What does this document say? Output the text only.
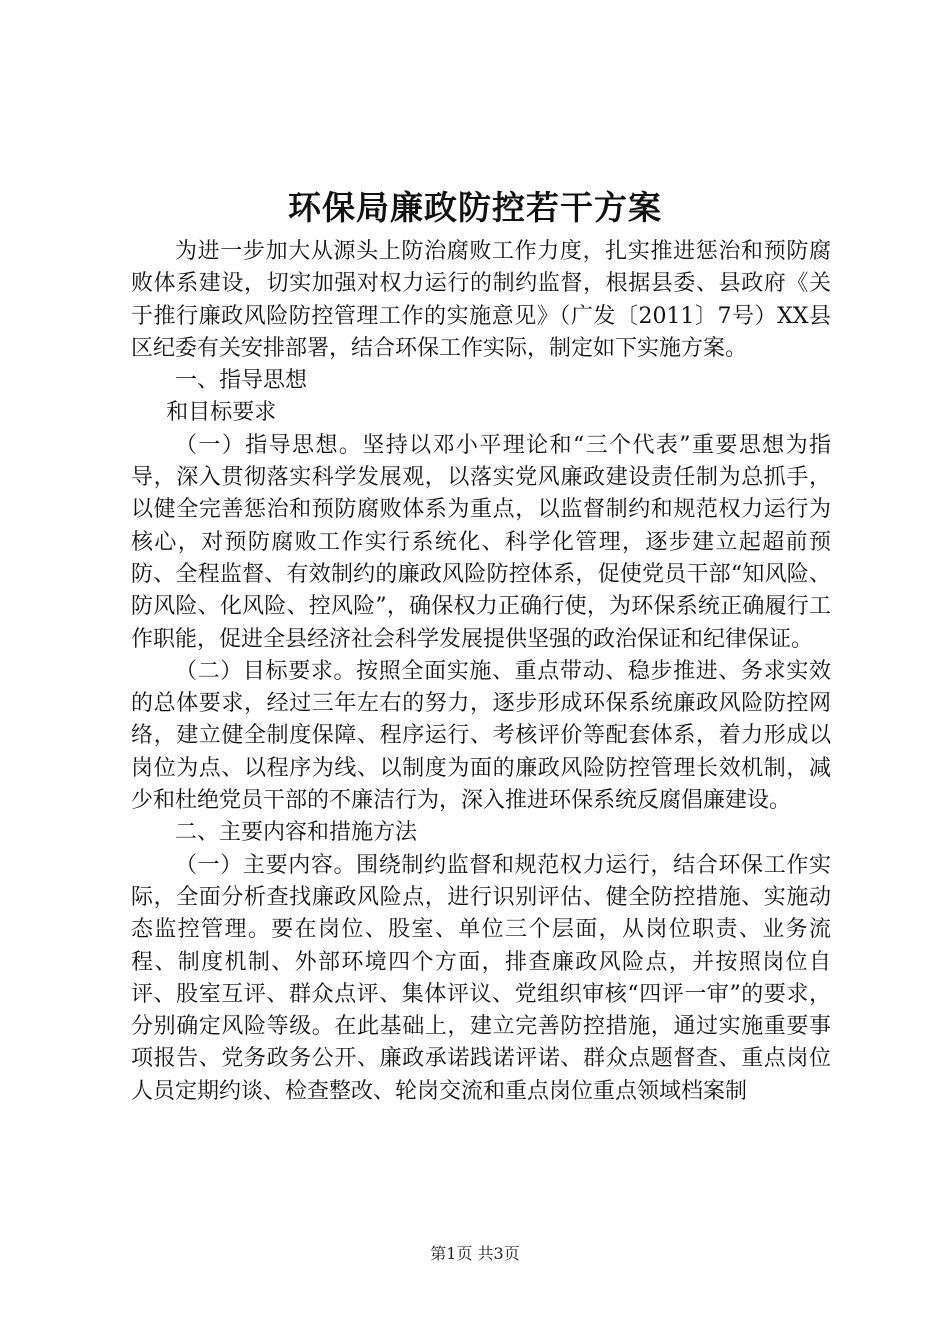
环保局廉政防控若干方案

为进一步加大从源头上防治腐败工作力度，扎实推进惩治和预防腐败体系建设，切实加强对权力运行的制约监督，根据县委、县政府《关于推行廉政风险防控管理工作的实施意见》（广发〔2011〕7号）XX县区纪委有关安排部署，结合环保工作实际，制定如下实施方案。

一、指导思想

和目标要求

（一）指导思想。坚持以邓小平理论和“三个代表”重要思想为指导，深入贯彻落实科学发展观，以落实党风廉政建设责任制为总抓手，以健全完善惩治和预防腐败体系为重点，以监督制约和规范权力运行为核心，对预防腐败工作实行系统化、科学化管理，逐步建立起超前预防、全程监督、有效制约的廉政风险防控体系，促使党员干部“知风险、防风险、化风险、控风险”，确保权力正确行使，为环保系统正确履行工作职能，促进全县经济社会科学发展提供坚强的政治保证和纪律保证。

（二）目标要求。按照全面实施、重点带动、稳步推进、务求实效的总体要求，经过三年左右的努力，逐步形成环保系统廉政风险防控网络，建立健全制度保障、程序运行、考核评价等配套体系，着力形成以岗位为点、以程序为线、以制度为面的廉政风险防控管理长效机制，减少和杜绝党员干部的不廉洁行为，深入推进环保系统反腐倡廉建设。

二、主要内容和措施方法

（一）主要内容。围绕制约监督和规范权力运行，结合环保工作实际，全面分析查找廉政风险点，进行识别评估、健全防控措施、实施动态监控管理。要在岗位、股室、单位三个层面，从岗位职责、业务流程、制度机制、外部环境四个方面，排查廉政风险点，并按照岗位自评、股室互评、群众点评、集体评议、党组织审核“四评一审”的要求，分别确定风险等级。在此基础上，建立完善防控措施，通过实施重要事项报告、党务政务公开、廉政承诺践诺评诺、群众点题督查、重点岗位人员定期约谈、检查整改、轮岗交流和重点岗位重点领域档案制

第1页 共3页
